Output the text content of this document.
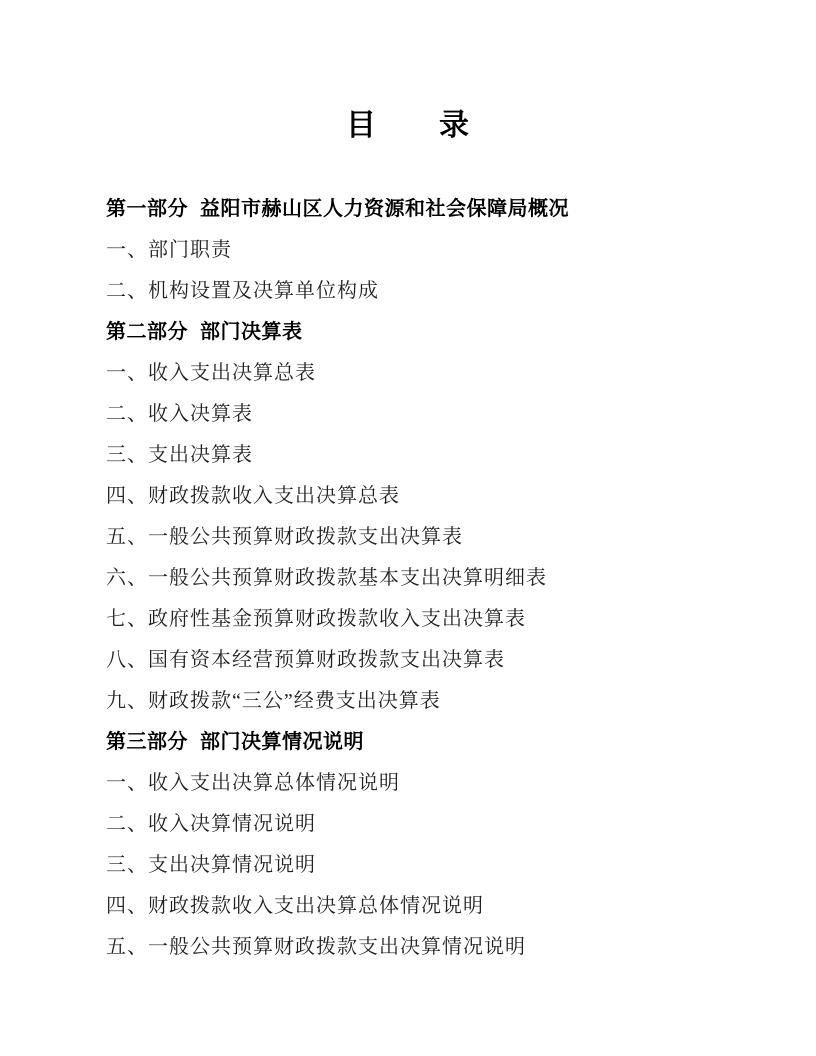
目　　录
第一部分 益阳市赫山区人力资源和社会保障局概况
一、部门职责
二、机构设置及决算单位构成
第二部分 部门决算表
一、收入支出决算总表
二、收入决算表
三、支出决算表
四、财政拨款收入支出决算总表
五、一般公共预算财政拨款支出决算表
六、一般公共预算财政拨款基本支出决算明细表
七、政府性基金预算财政拨款收入支出决算表
八、国有资本经营预算财政拨款支出决算表
九、财政拨款“三公”经费支出决算表
第三部分 部门决算情况说明
一、收入支出决算总体情况说明
二、收入决算情况说明
三、支出决算情况说明
四、财政拨款收入支出决算总体情况说明
五、一般公共预算财政拨款支出决算情况说明
